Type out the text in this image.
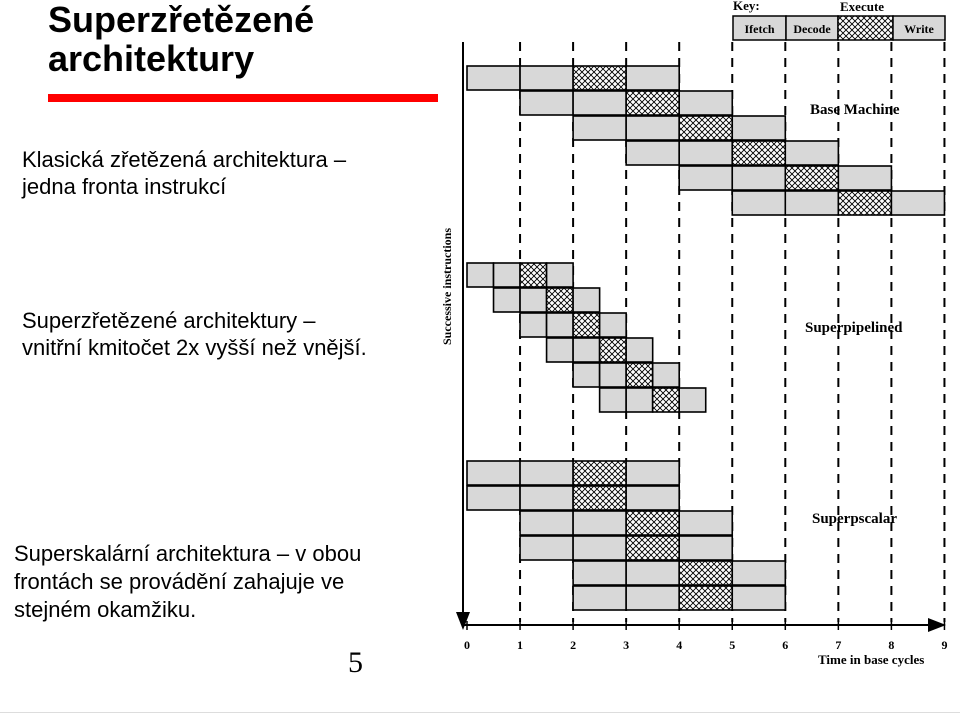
Superzřetězené
architektury
Klasická zřetězená architektura –
jedna fronta instrukcí
Superzřetězené architektury –
vnitřní kmitočet 2x vyšší než vnější.
Superskalární architektura – v obou
frontách se provádění zahajuje ve
stejném okamžiku.
5
Key:	Execute
Ifetch Decode	Write
Successive instructions
Time in base cycles
0	1	2	3	4	5	6	7	8	9
Base Machine
Superpipelined
Superpscalar
